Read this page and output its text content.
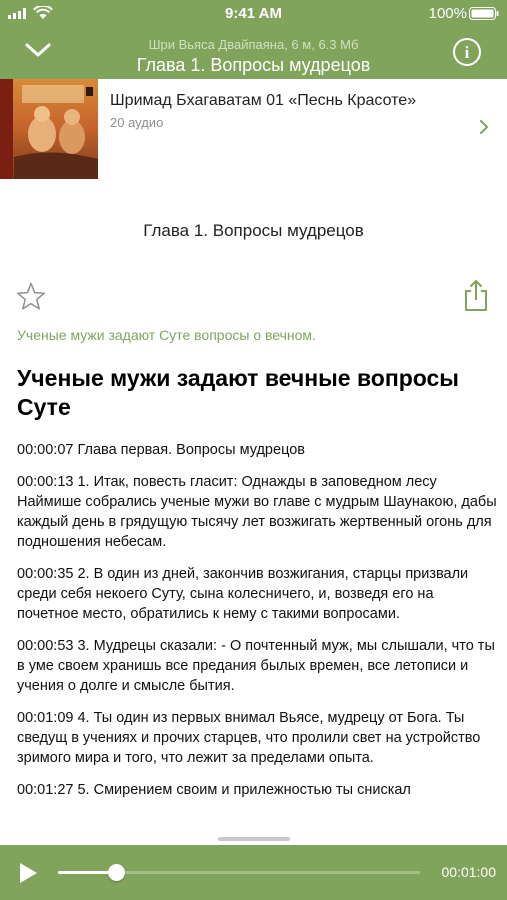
9:41 AM	100%
Шри Вьяса Двайпаяна, 6 м, 6.3 Мб
Глава 1. Вопросы мудрецов
i
Шримад Бхагаватам 01 «Песнь Красоте»
20 аудио
Глава 1. Вопросы мудрецов
Ученые мужи задают Суте вопросы о вечном.
Ученые мужи задают вечные вопросы Суте

00:00:07 Глава первая. Вопросы мудрецов

00:00:13 1. Итак, повесть гласит: Однажды в заповедном лесу Наймише собрались ученые мужи во главе с мудрым Шаунакою, дабы каждый день в грядущую тысячу лет возжигать жертвенный огонь для подношения небесам.

00:00:35 2. В один из дней, закончив возжигания, старцы призвали среди себя некоего Суту, сына колесничего, и, возведя его на почетное место, обратились к нему с такими вопросами.

00:00:53 3. Мудрецы сказали: - О почтенный муж, мы слышали, что ты в уме своем хранишь все предания былых времен, все летописи и учения о долге и смысле бытия.

00:01:09 4. Ты один из первых внимал Вьясе, мудрецу от Бога. Ты сведущ в учениях и прочих старцев, что пролили свет на устройство зримого мира и того, что лежит за пределами опыта.

00:01:27 5. Смирением своим и прилежностью ты снискал

00:01:00
